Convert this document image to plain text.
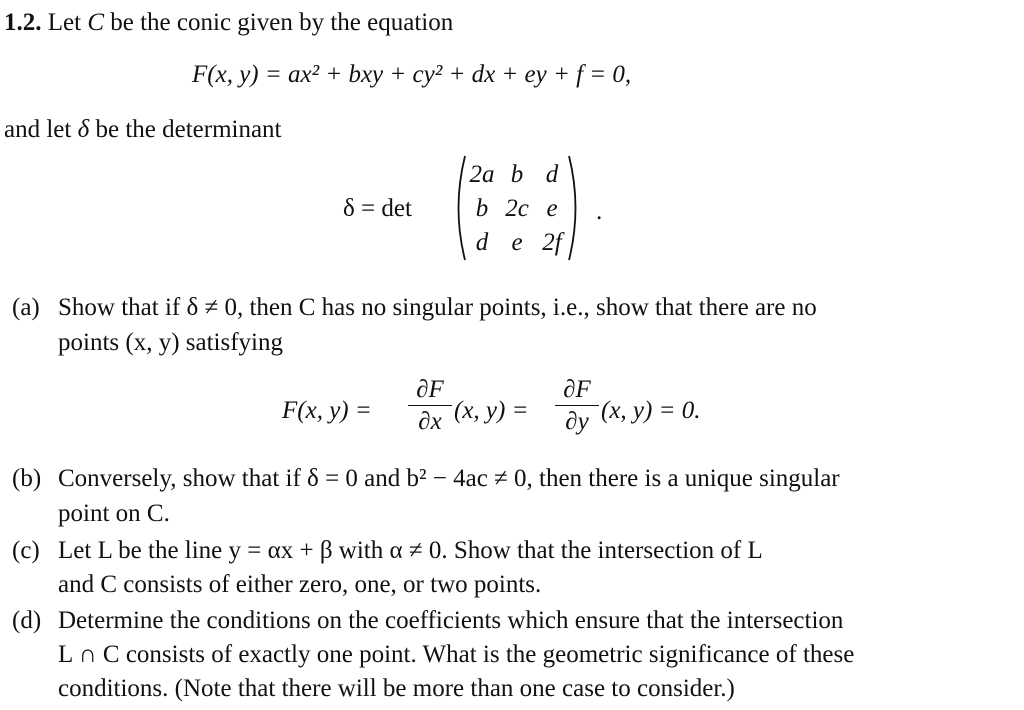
1.2. Let C be the conic given by the equation
F(x, y) = ax² + bxy + cy² + dx + ey + f = 0,
and let δ be the determinant
δ = det
2a b d
b 2c e
d e 2f
.
(a) Show that if δ ≠ 0, then C has no singular points, i.e., show that there are no
points (x, y) satisfying
F(x, y) =
∂F
∂x (x, y) =
∂F
∂y (x, y) = 0.
(b) Conversely, show that if δ = 0 and b² − 4ac ≠ 0, then there is a unique singular
point on C.
(c) Let L be the line y = αx + β with α ≠ 0. Show that the intersection of L
and C consists of either zero, one, or two points.
(d) Determine the conditions on the coefficients which ensure that the intersection
L ∩ C consists of exactly one point. What is the geometric significance of these
conditions. (Note that there will be more than one case to consider.)
